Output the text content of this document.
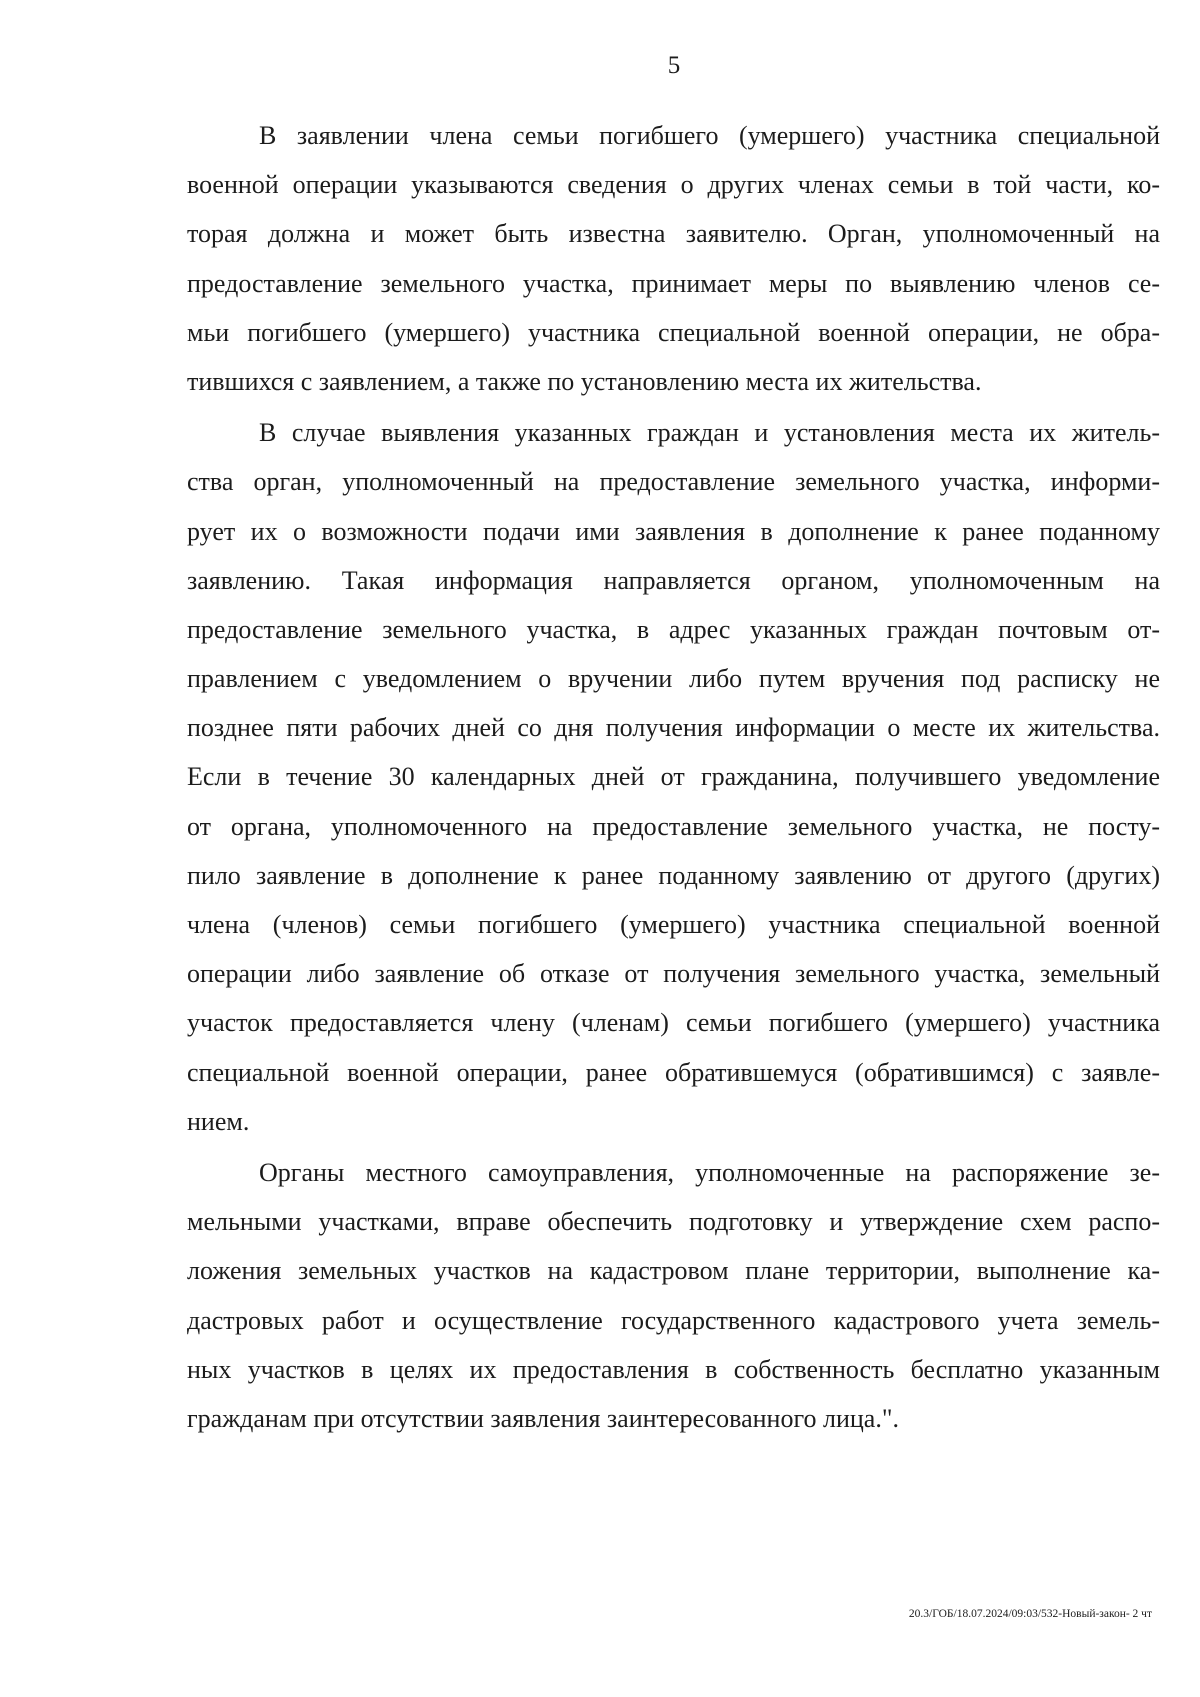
5
В заявлении члена семьи погибшего (умершего) участника специальной
военной операции указываются сведения о других членах семьи в той части, ко-
торая должна и может быть известна заявителю. Орган, уполномоченный на
предоставление земельного участка, принимает меры по выявлению членов се-
мьи погибшего (умершего) участника специальной военной операции, не обра-
тившихся с заявлением, а также по установлению места их жительства.
В случае выявления указанных граждан и установления места их житель-
ства орган, уполномоченный на предоставление земельного участка, информи-
рует их о возможности подачи ими заявления в дополнение к ранее поданному
заявлению. Такая информация направляется органом, уполномоченным на
предоставление земельного участка, в адрес указанных граждан почтовым от-
правлением с уведомлением о вручении либо путем вручения под расписку не
позднее пяти рабочих дней со дня получения информации о месте их жительства.
Если в течение 30 календарных дней от гражданина, получившего уведомление
от органа, уполномоченного на предоставление земельного участка, не посту-
пило заявление в дополнение к ранее поданному заявлению от другого (других)
члена (членов) семьи погибшего (умершего) участника специальной военной
операции либо заявление об отказе от получения земельного участка, земельный
участок предоставляется члену (членам) семьи погибшего (умершего) участника
специальной военной операции, ранее обратившемуся (обратившимся) с заявле-
нием.
Органы местного самоуправления, уполномоченные на распоряжение зе-
мельными участками, вправе обеспечить подготовку и утверждение схем распо-
ложения земельных участков на кадастровом плане территории, выполнение ка-
дастровых работ и осуществление государственного кадастрового учета земель-
ных участков в целях их предоставления в собственность бесплатно указанным
гражданам при отсутствии заявления заинтересованного лица.".
20.3/ГОБ/18.07.2024/09:03/532-Новый-закон- 2 чт
